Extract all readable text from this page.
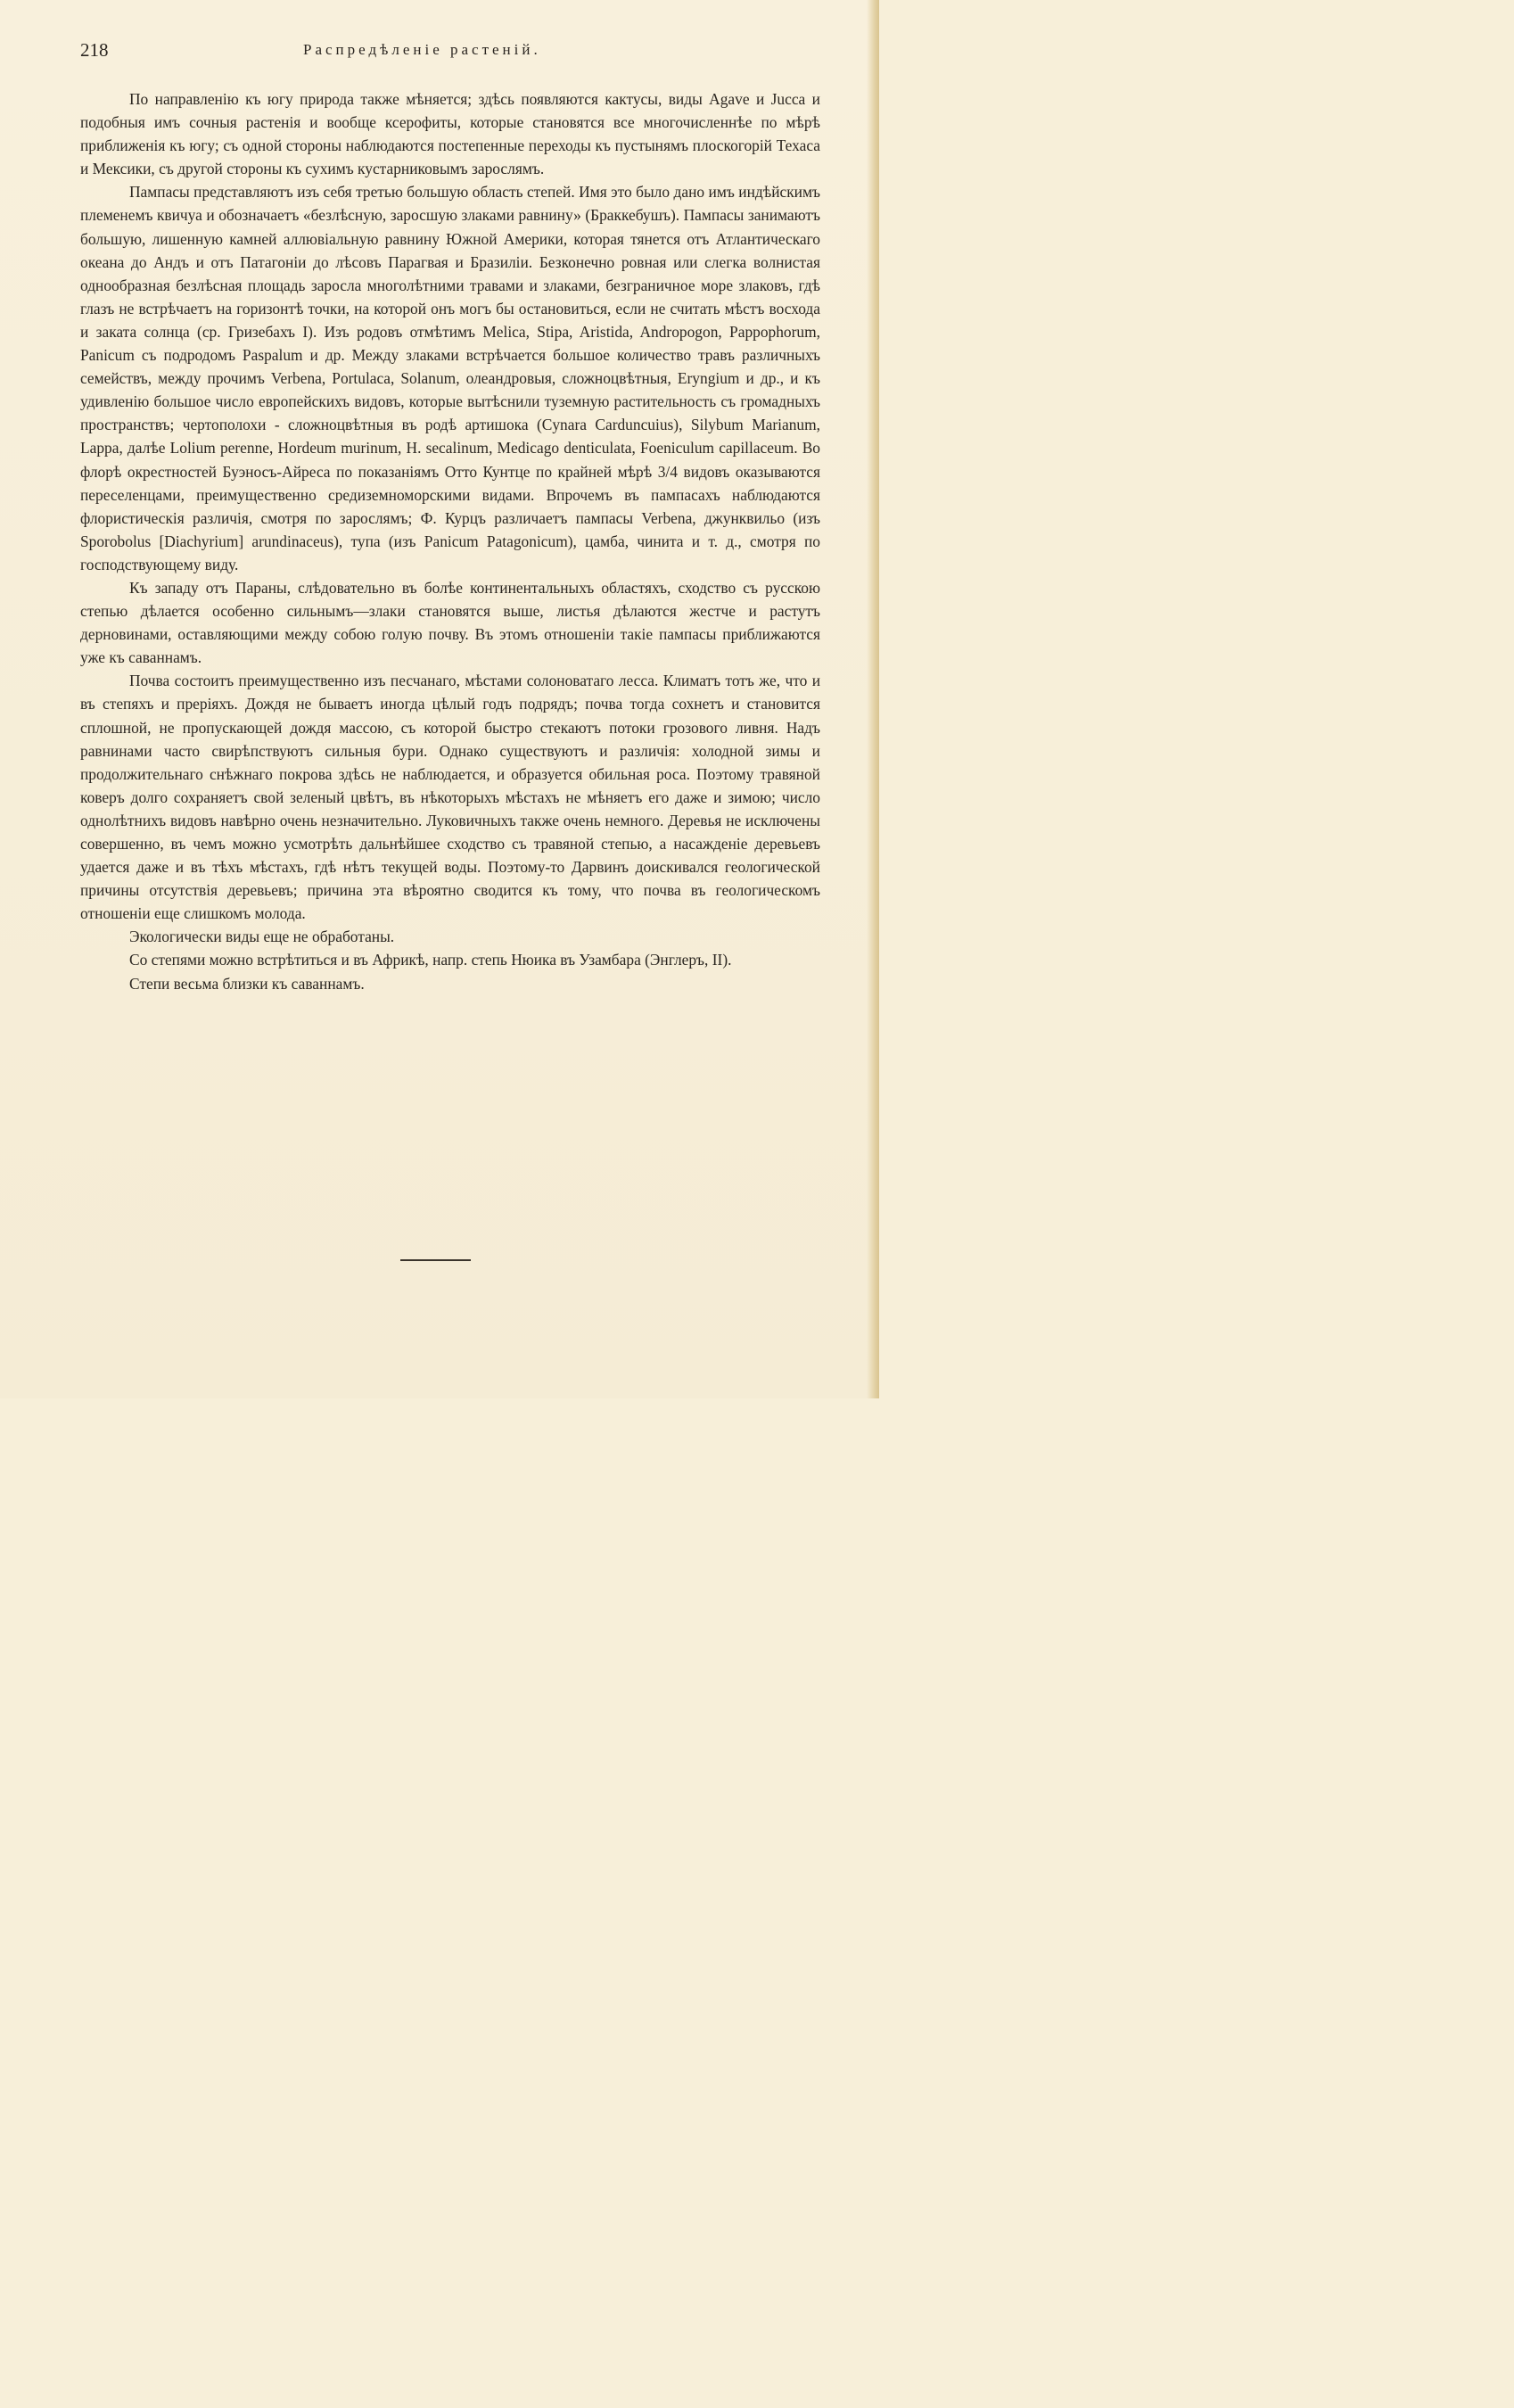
218	Распредѣленіе растеній.

По направленію къ югу природа также мѣняется; здѣсь появляются кактусы, виды Agave и Jucca и подобныя имъ сочныя растенія и вообще ксерофиты, которые становятся все многочисленнѣе по мѣрѣ приближенія къ югу; съ одной стороны наблюдаются постепенные переходы къ пустынямъ плоскогорій Техаса и Мексики, съ другой стороны къ сухимъ кустарниковымъ зарослямъ.

Пампасы представляютъ изъ себя третью большую область степей. Имя это было дано имъ индѣйскимъ племенемъ квичуа и обозначаетъ «безлѣсную, заросшую злаками равнину» (Браккебушъ). Пампасы занимаютъ большую, лишенную камней аллювіальную равнину Южной Америки, которая тянется отъ Атлантическаго океана до Андъ и отъ Патагоніи до лѣсовъ Парагвая и Бразиліи. Безконечно ровная или слегка волнистая однообразная безлѣсная площадь заросла многолѣтними травами и злаками, безграничное море злаковъ, гдѣ глазъ не встрѣчаетъ на горизонтѣ точки, на которой онъ могъ бы остановиться, если не считать мѣстъ восхода и заката солнца (ср. Гризебахъ I). Изъ родовъ отмѣтимъ Melica, Stipa, Aristida, Andropogon, Pappophorum, Panicum съ подродомъ Paspalum и др. Между злаками встрѣчается большое количество травъ различныхъ семействъ, между прочимъ Verbena, Portulaca, Solanum, олеандровыя, сложноцвѣтныя, Eryngium и др., и къ удивленію большое число европейскихъ видовъ, которые вытѣснили туземную растительность съ громадныхъ пространствъ; чертополохи - сложноцвѣтныя въ родѣ артишока (Cynara Carduncuіus), Silybum Marianum, Lappa, далѣе Lolium perenne, Hordeum murinum, H. secalinum, Medicago denticulata, Foeniculum capillaceum. Во флорѣ окрестностей Буэносъ-Айреса по показаніямъ Отто Кунтце по крайней мѣрѣ 3/4 видовъ оказываются переселенцами, преимущественно средиземноморскими видами. Впрочемъ въ пампасахъ наблюдаются флористическія различія, смотря по зарослямъ; Ф. Курцъ различаетъ пампасы Verbena, джунквильо (изъ Sporobolus [Diachyrium] arundinaceus), тупа (изъ Panicum Patagonicum), цамба, чинита и т. д., смотря по господствующему виду.

Къ западу отъ Параны, слѣдовательно въ болѣе континентальныхъ областяхъ, сходство съ русскою степью дѣлается особенно сильнымъ—злаки становятся выше, листья дѣлаются жестче и растутъ дерновинами, оставляющими между собою голую почву. Въ этомъ отношеніи такіе пампасы приближаются уже къ саваннамъ.

Почва состоитъ преимущественно изъ песчанаго, мѣстами солоноватаго лесса. Климатъ тотъ же, что и въ степяхъ и преріяхъ. Дождя не бываетъ иногда цѣлый годъ подрядъ; почва тогда сохнетъ и становится сплошной, не пропускающей дождя массою, съ которой быстро стекаютъ потоки грозового ливня. Надъ равнинами часто свирѣпствуютъ сильныя бури. Однако существуютъ и различія: холодной зимы и продолжительнаго снѣжнаго покрова здѣсь не наблюдается, и образуется обильная роса. Поэтому травяной коверъ долго сохраняетъ свой зеленый цвѣтъ, въ нѣкоторыхъ мѣстахъ не мѣняетъ его даже и зимою; число однолѣтнихъ видовъ навѣрно очень незначительно. Луковичныхъ также очень немного. Деревья не исключены совершенно, въ чемъ можно усмотрѣть дальнѣйшее сходство съ травяной степью, а насажденіе деревьевъ удается даже и въ тѣхъ мѣстахъ, гдѣ нѣтъ текущей воды. Поэтому-то Дарвинъ доискивался геологической причины отсутствія деревьевъ; причина эта вѣроятно сводится къ тому, что почва въ геологическомъ отношеніи еще слишкомъ молода.

Экологически виды еще не обработаны.

Со степями можно встрѣтиться и въ Африкѣ, напр. степь Нюика въ Узамбара (Энглеръ, II).

Степи весьма близки къ саваннамъ.
